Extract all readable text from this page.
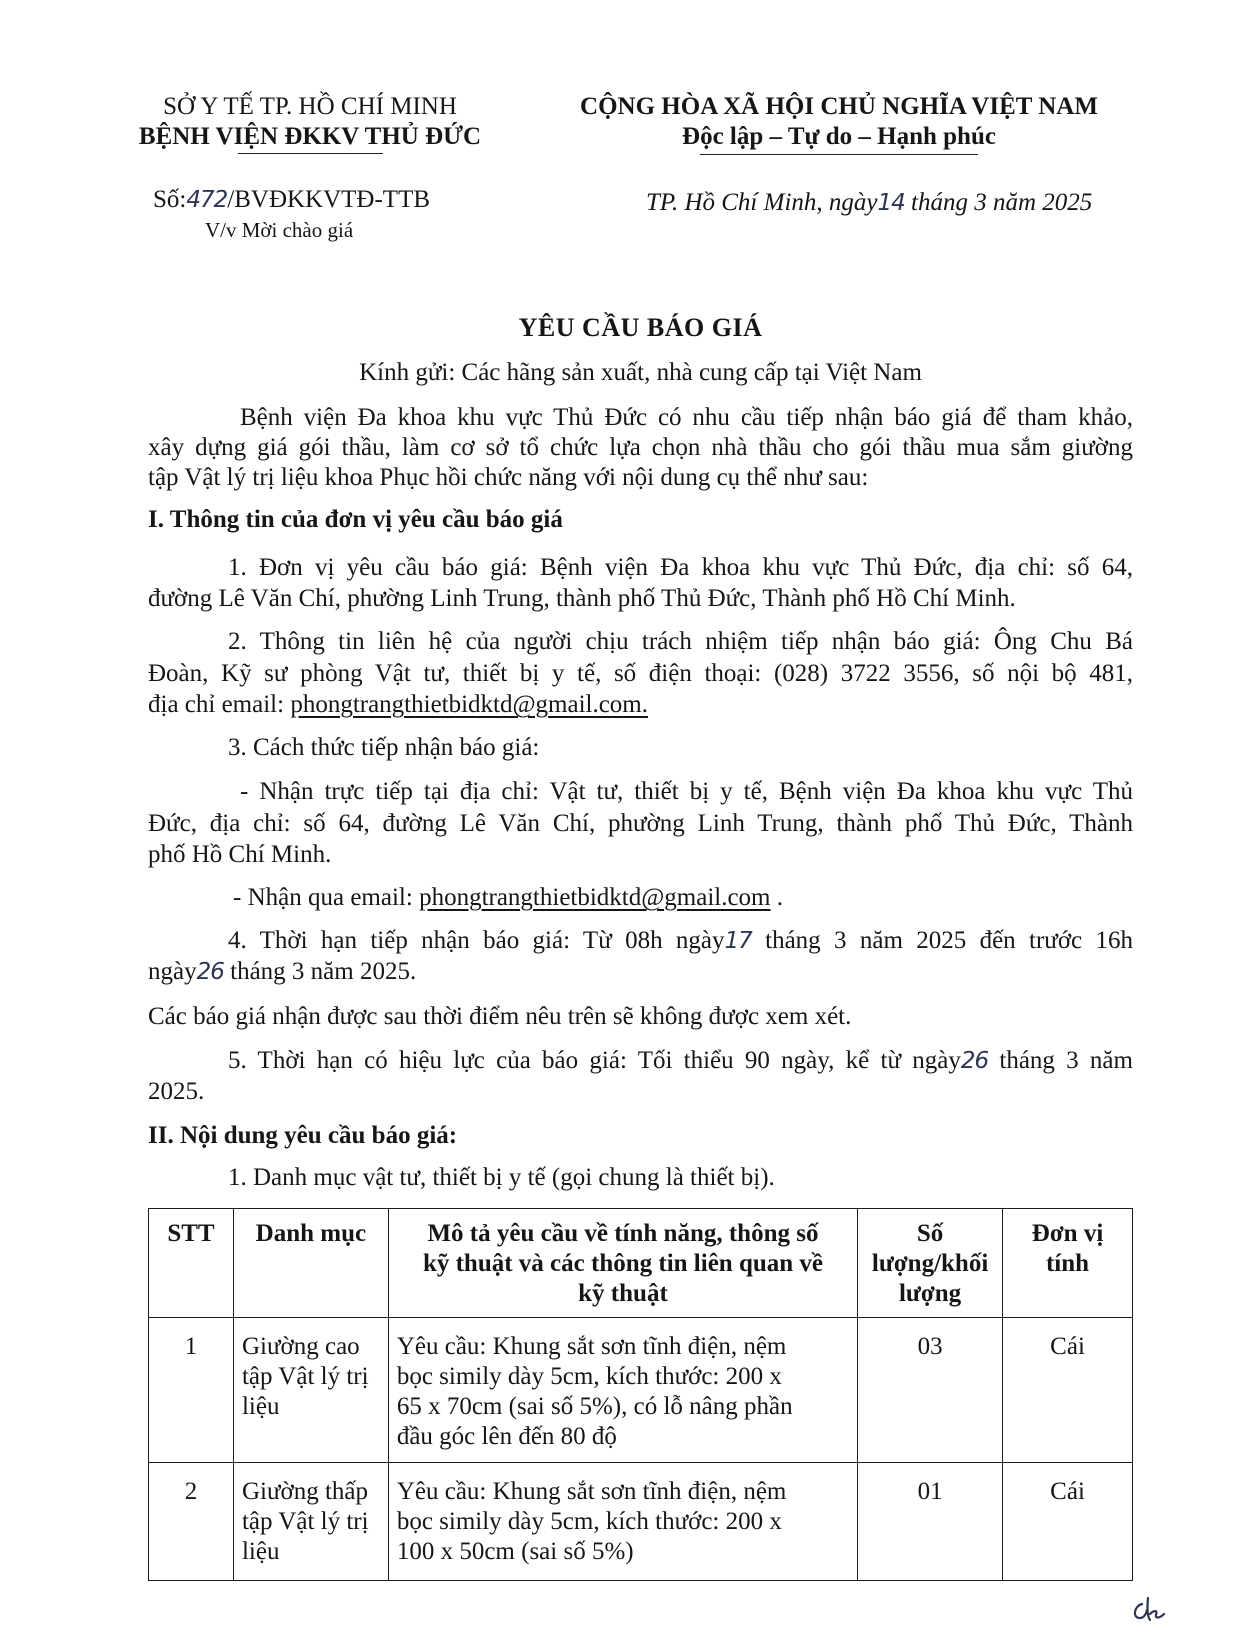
SỞ Y TẾ TP. HỒ CHÍ MINH
BỆNH VIỆN ĐKKV THỦ ĐỨC
CỘNG HÒA XÃ HỘI CHỦ NGHĨA VIỆT NAM
Độc lập – Tự do – Hạnh phúc
Số:472/BVĐKKVTĐ-TTB
V/v Mời chào giá
TP. Hồ Chí Minh, ngày14 tháng 3 năm 2025
YÊU CẦU BÁO GIÁ
Kính gửi: Các hãng sản xuất, nhà cung cấp tại Việt Nam
Bệnh viện Đa khoa khu vực Thủ Đức có nhu cầu tiếp nhận báo giá để tham khảo,
xây dựng giá gói thầu, làm cơ sở tổ chức lựa chọn nhà thầu cho gói thầu mua sắm giường
tập Vật lý trị liệu khoa Phục hồi chức năng với nội dung cụ thể như sau:
I. Thông tin của đơn vị yêu cầu báo giá
1. Đơn vị yêu cầu báo giá: Bệnh viện Đa khoa khu vực Thủ Đức, địa chỉ: số 64,
đường Lê Văn Chí, phường Linh Trung, thành phố Thủ Đức, Thành phố Hồ Chí Minh.
2. Thông tin liên hệ của người chịu trách nhiệm tiếp nhận báo giá: Ông Chu Bá
Đoàn, Kỹ sư phòng Vật tư, thiết bị y tế, số điện thoại: (028) 3722 3556, số nội bộ 481,
địa chỉ email: phongtrangthietbidktd@gmail.com.
3. Cách thức tiếp nhận báo giá:
- Nhận trực tiếp tại địa chỉ: Vật tư, thiết bị y tế, Bệnh viện Đa khoa khu vực Thủ
Đức, địa chỉ: số 64, đường Lê Văn Chí, phường Linh Trung, thành phố Thủ Đức, Thành
phố Hồ Chí Minh.
- Nhận qua email: phongtrangthietbidktd@gmail.com .
4. Thời hạn tiếp nhận báo giá: Từ 08h ngày17 tháng 3 năm 2025 đến trước 16h
ngày26 tháng 3 năm 2025.
Các báo giá nhận được sau thời điểm nêu trên sẽ không được xem xét.
5. Thời hạn có hiệu lực của báo giá: Tối thiểu 90 ngày, kể từ ngày26 tháng 3 năm
2025.
II. Nội dung yêu cầu báo giá:
1. Danh mục vật tư, thiết bị y tế (gọi chung là thiết bị).
STT	Danh mục	Mô tả yêu cầu về tính năng, thông số
kỹ thuật và các thông tin liên quan về
kỹ thuật	Số
lượng/khối
lượng	Đơn vị
tính

1	Giường cao
tập Vật lý trị
liệu	Yêu cầu: Khung sắt sơn tĩnh điện, nệm
bọc simily dày 5cm, kích thước: 200 x
65 x 70cm (sai số 5%), có lỗ nâng phần
đầu góc lên đến 80 độ	03	Cái

2	Giường thấp
tập Vật lý trị
liệu	Yêu cầu: Khung sắt sơn tĩnh điện, nệm
bọc simily dày 5cm, kích thước: 200 x
100 x 50cm (sai số 5%)	01	Cái
